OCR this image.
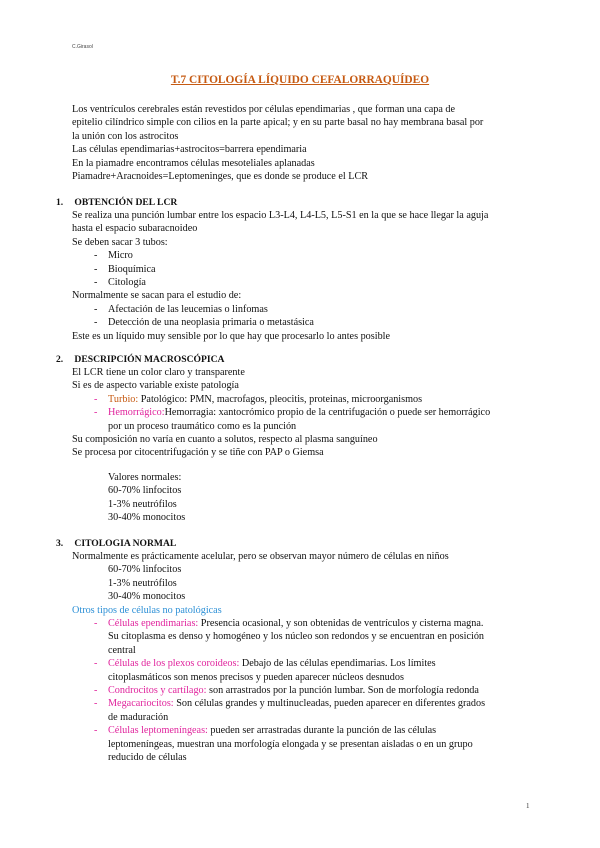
C.Girasol
T.7 CITOLOGÍA LÍQUIDO CEFALORRAQUÍDEO

Los ventrículos cerebrales están revestidos por células ependimarias , que forman una capa de

epitelio cilíndrico simple con cilios en la parte apical; y en su parte basal no hay membrana basal por

la unión con los astrocitos

Las células ependimarias+astrocitos=barrera ependimaria

En la piamadre encontramos células mesoteliales aplanadas

Piamadre+Aracnoides=Leptomeninges, que es donde se produce el LCR

1. OBTENCIÓN DEL LCR

Se realiza una punción lumbar entre los espacio L3-L4, L4-L5, L5-S1 en la que se hace llegar la aguja

hasta el espacio subaracnoideo

Se deben sacar 3 tubos:

- Micro
- Bioquímica
- Citología

Normalmente se sacan para el estudio de:

- Afectación de las leucemias o linfomas
- Detección de una neoplasia primaria o metastásica

Este es un líquido muy sensible por lo que hay que procesarlo lo antes posible

2. DESCRIPCIÓN MACROSCÓPICA

El LCR tiene un color claro y transparente

Si es de aspecto variable existe patología

- Turbio: Patológico: PMN, macrofagos, pleocitis, proteinas, microorganismos
- Hemorrágico:Hemorragia: xantocrómico propio de la centrifugación o puede ser hemorrágico
por un proceso traumático como es la punción

Su composición no varía en cuanto a solutos, respecto al plasma sanguíneo

Se procesa por citocentrifugación y se tiñe con PAP o Giemsa

Valores normales:

60-70% linfocitos

1-3% neutrófilos

30-40% monocitos

3. CITOLOGIA NORMAL

Normalmente es prácticamente acelular, pero se observan mayor número de células en niños

60-70% linfocitos

1-3% neutrófilos

30-40% monocitos

Otros tipos de células no patológicas

- Células ependimarias: Presencia ocasional, y son obtenidas de ventrículos y cisterna magna.
Su citoplasma es denso y homogéneo y los núcleo son redondos y se encuentran en posición
central
- Células de los plexos coroideos: Debajo de las células ependimarias. Los límites
citoplasmáticos son menos precisos y pueden aparecer núcleos desnudos
- Condrocitos y cartílago: son arrastrados por la punción lumbar. Son de morfología redonda
- Megacariocitos: Son células grandes y multinucleadas, pueden aparecer en diferentes grados
de maduración
- Células leptomeníngeas: pueden ser arrastradas durante la punción de las células
leptomeníngeas, muestran una morfología elongada y se presentan aisladas o en un grupo
reducido de células
1
